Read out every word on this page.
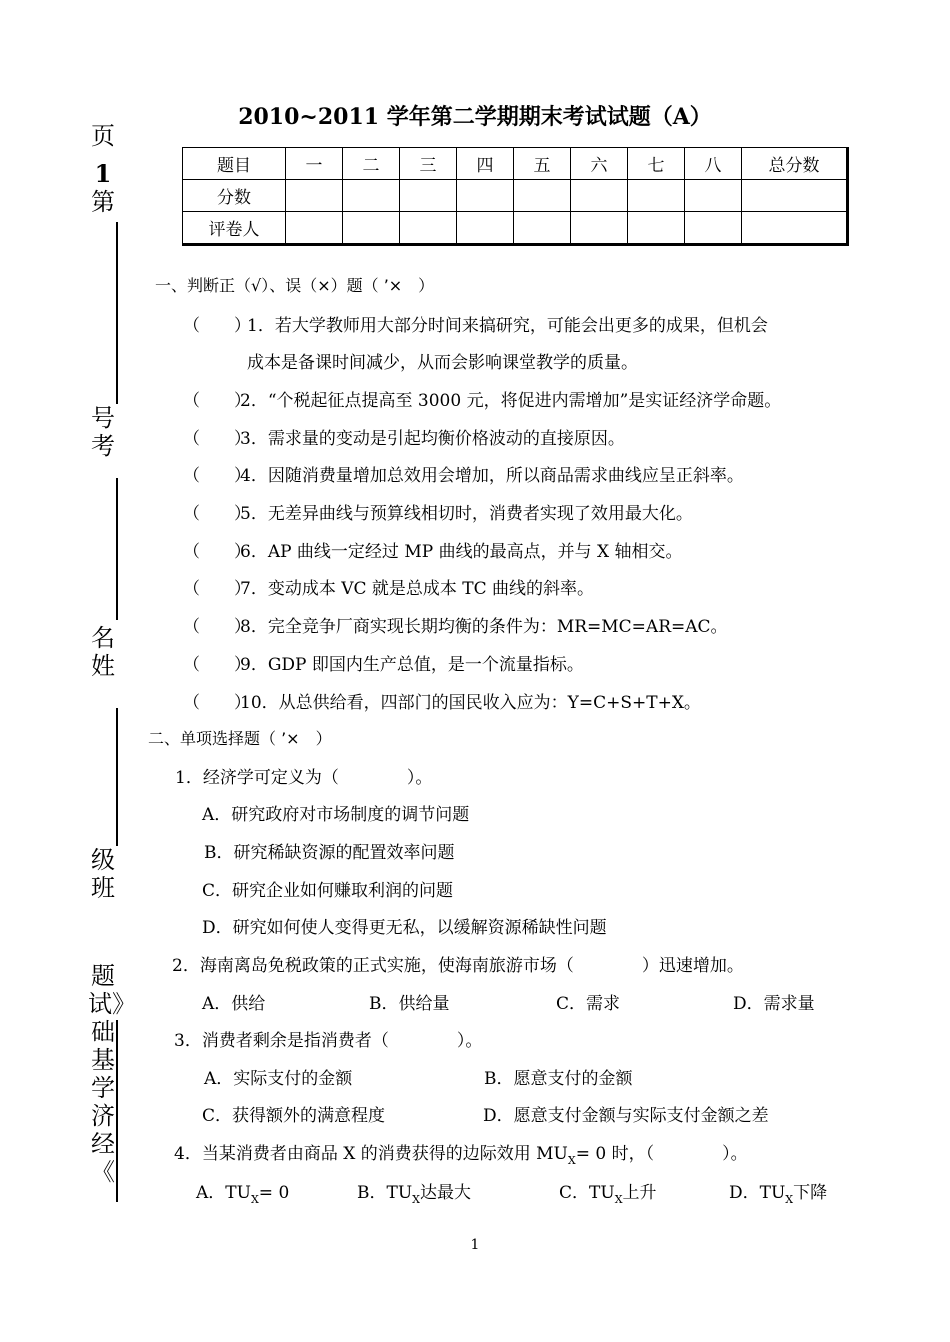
2010~2011 学年第二学期期末考试试题（A）
题目	一	二	三	四	五	六	七	八	总分数
分数									
评卷人									
页
1
第
号考
名姓
级班
题试》础基学济经《
一、判断正（√）、误（×）题（ ’×　）
（　　）
1．若大学教师用大部分时间来搞研究，可能会出更多的成果，但机会
成本是备课时间减少，从而会影响课堂教学的质量。
（　　）
2．“个税起征点提高至 3000 元，将促进内需增加”是实证经济学命题。
（　　）
3．需求量的变动是引起均衡价格波动的直接原因。
（　　）
4．因随消费量增加总效用会增加，所以商品需求曲线应呈正斜率。
（　　）
5．无差异曲线与预算线相切时，消费者实现了效用最大化。
（　　）
6．AP 曲线一定经过 MP 曲线的最高点，并与 X 轴相交。
（　　）
7．变动成本 VC 就是总成本 TC 曲线的斜率。
（　　）
8．完全竞争厂商实现长期均衡的条件为：MR=MC=AR=AC。
（　　）
9．GDP 即国内生产总值，是一个流量指标。
（　　）
10．从总供给看，四部门的国民收入应为：Y=C+S+T+X。
二、单项选择题（ ’×　）
1．经济学可定义为（　　　　）。
A．研究政府对市场制度的调节问题
B．研究稀缺资源的配置效率问题
C．研究企业如何赚取利润的问题
D．研究如何使人变得更无私，以缓解资源稀缺性问题
2．海南离岛免税政策的正式实施，使海南旅游市场（　　　　）迅速增加。
A．供给	B．供给量	C．需求	D．需求量
3．消费者剩余是指消费者（　　　　）。
A．实际支付的金额	B．愿意支付的金额
C．获得额外的满意程度	D．愿意支付金额与实际支付金额之差
4．当某消费者由商品 X 的消费获得的边际效用 $MU_X= 0$ 时，（　　　　）。
A．$TU_X= 0$	B．$TU_X$达最大	C．$TU_X$上升	D．$TU_X$下降
1
